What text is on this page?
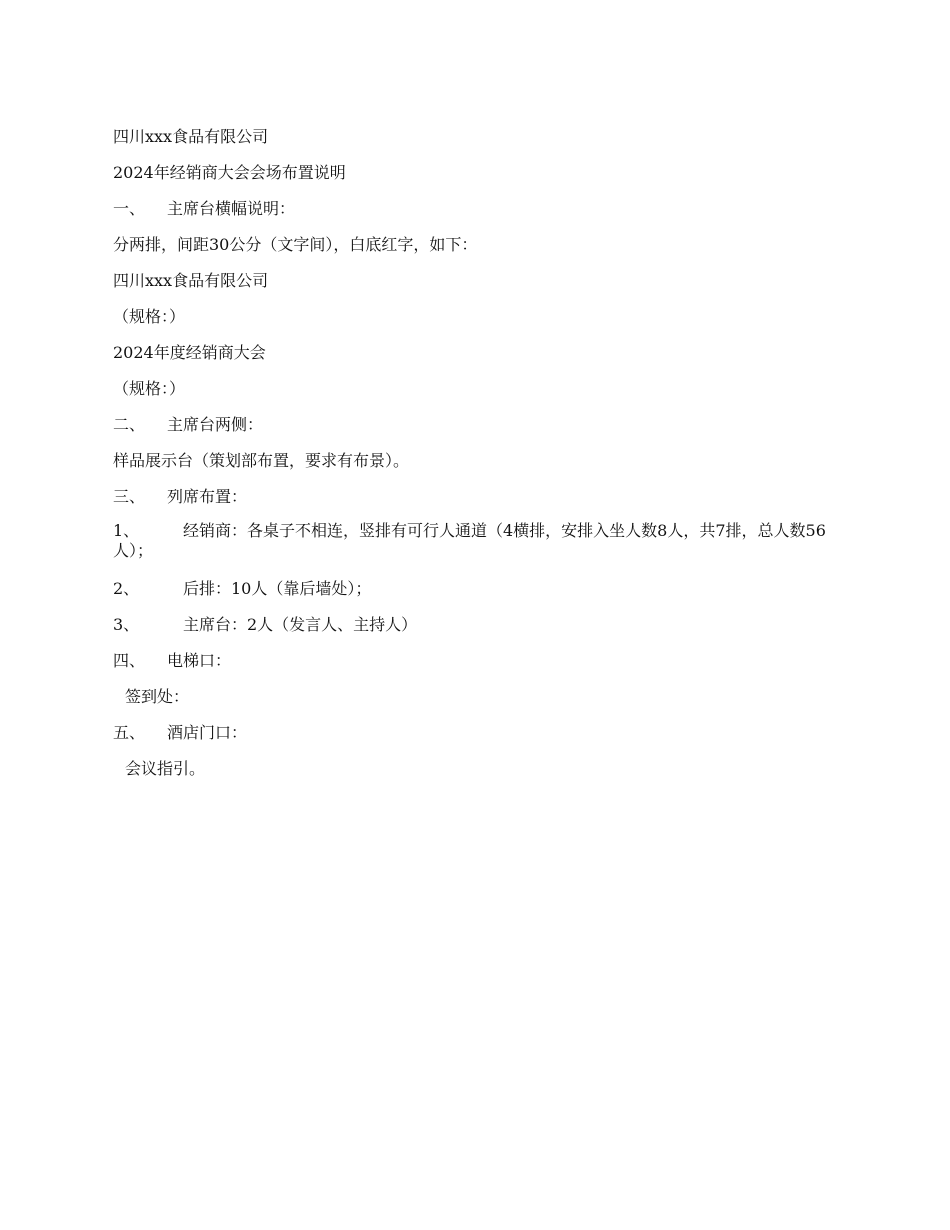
四川xxx食品有限公司
2024年经销商大会会场布置说明
一、 主席台横幅说明：
分两排，间距30公分（文字间），白底红字，如下：
四川xxx食品有限公司
（规格：）
2024年度经销商大会
（规格：）
二、 主席台两侧：
样品展示台（策划部布置，要求有布景）。
三、 列席布置：
1、	经销商：各桌子不相连，竖排有可行人通道（4横排，安排入坐人数8人，共7排，总人数56人）；
2、	后排：10人（靠后墙处）；
3、	主席台：2人（发言人、主持人）
四、 电梯口：
签到处：
五、 酒店门口：
会议指引。
